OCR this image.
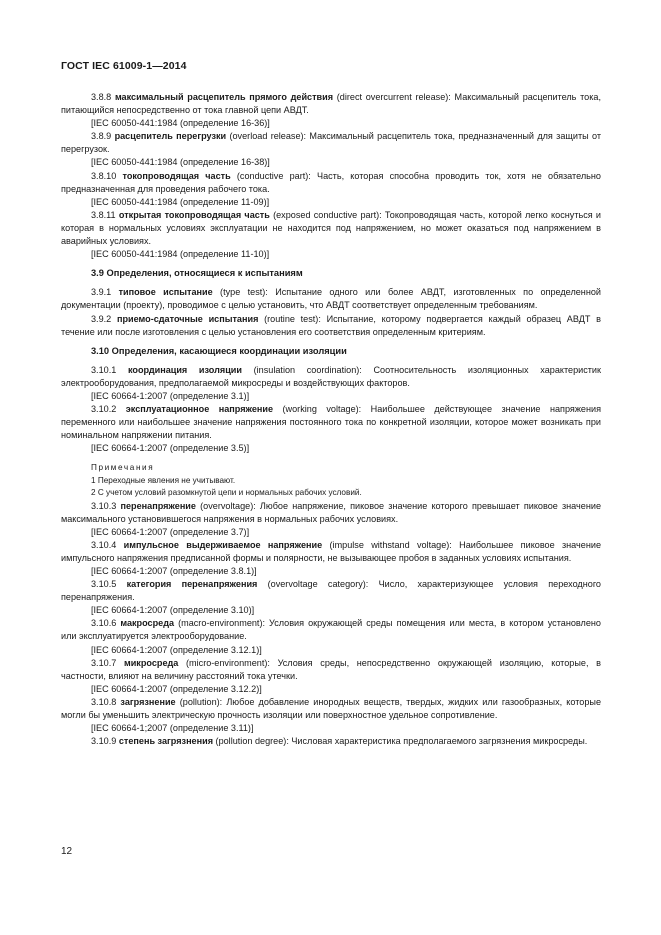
ГОСТ IEC 61009-1—2014

3.8.8 максимальный расцепитель прямого действия (direct overcurrent release): Максимальный расцепитель тока, питающийся непосредственно от тока главной цепи АВДТ.

[IEC 60050-441:1984 (определение 16-36)]

3.8.9 расцепитель перегрузки (overload release): Максимальный расцепитель тока, предназначенный для защиты от перегрузок.

[IEC 60050-441:1984 (определение 16-38)]

3.8.10 токопроводящая часть (conductive part): Часть, которая способна проводить ток, хотя не обязательно предназначенная для проведения рабочего тока.

[IEC 60050-441:1984 (определение 11-09)]

3.8.11 открытая токопроводящая часть (exposed conductive part): Токопроводящая часть, которой легко коснуться и которая в нормальных условиях эксплуатации не находится под напряжением, но может оказаться под напряжением в аварийных условиях.

[IEC 60050-441:1984 (определение 11-10)]

3.9 Определения, относящиеся к испытаниям

3.9.1 типовое испытание (type test): Испытание одного или более АВДТ, изготовленных по определенной документации (проекту), проводимое с целью установить, что АВДТ соответствует определенным требованиям.

3.9.2 приемо-сдаточные испытания (routine test): Испытание, которому подвергается каждый образец АВДТ в течение или после изготовления с целью установления его соответствия определенным критериям.

3.10 Определения, касающиеся координации изоляции

3.10.1 координация изоляции (insulation coordination): Соотносительность изоляционных характеристик электрооборудования, предполагаемой микросреды и воздействующих факторов.

[IEC 60664-1:2007 (определение 3.1)]

3.10.2 эксплуатационное напряжение (working voltage): Наибольшее действующее значение напряжения переменного или наибольшее значение напряжения постоянного тока по конкретной изоляции, которое может возникать при номинальном напряжении питания.

[IEC 60664-1:2007 (определение 3.5)]

Примечания

1 Переходные явления не учитывают.

2 С учетом условий разомкнутой цепи и нормальных рабочих условий.

3.10.3 перенапряжение (overvoltage): Любое напряжение, пиковое значение которого превышает пиковое значение максимального установившегося напряжения в нормальных рабочих условиях.

[IEC 60664-1:2007 (определение 3.7)]

3.10.4 импульсное выдерживаемое напряжение (impulse withstand voltage): Наибольшее пиковое значение импульсного напряжения предписанной формы и полярности, не вызывающее пробоя в заданных условиях испытания.

[IEC 60664-1:2007 (определение 3.8.1)]

3.10.5 категория перенапряжения (overvoltage category): Число, характеризующее условия переходного перенапряжения.

[IEC 60664-1:2007 (определение 3.10)]

3.10.6 макросреда (macro-environment): Условия окружающей среды помещения или места, в котором установлено или эксплуатируется электрооборудование.

[IEC 60664-1:2007 (определение 3.12.1)]

3.10.7 микросреда (micro-environment): Условия среды, непосредственно окружающей изоляцию, которые, в частности, влияют на величину расстояний тока утечки.

[IEC 60664-1:2007 (определение 3.12.2)]

3.10.8 загрязнение (pollution): Любое добавление инородных веществ, твердых, жидких или газообразных, которые могли бы уменьшить электрическую прочность изоляции или поверхностное удельное сопротивление.

[IEC 60664-1;2007 (определение 3.11)]

3.10.9 степень загрязнения (pollution degree): Числовая характеристика предполагаемого загрязнения микросреды.

12
